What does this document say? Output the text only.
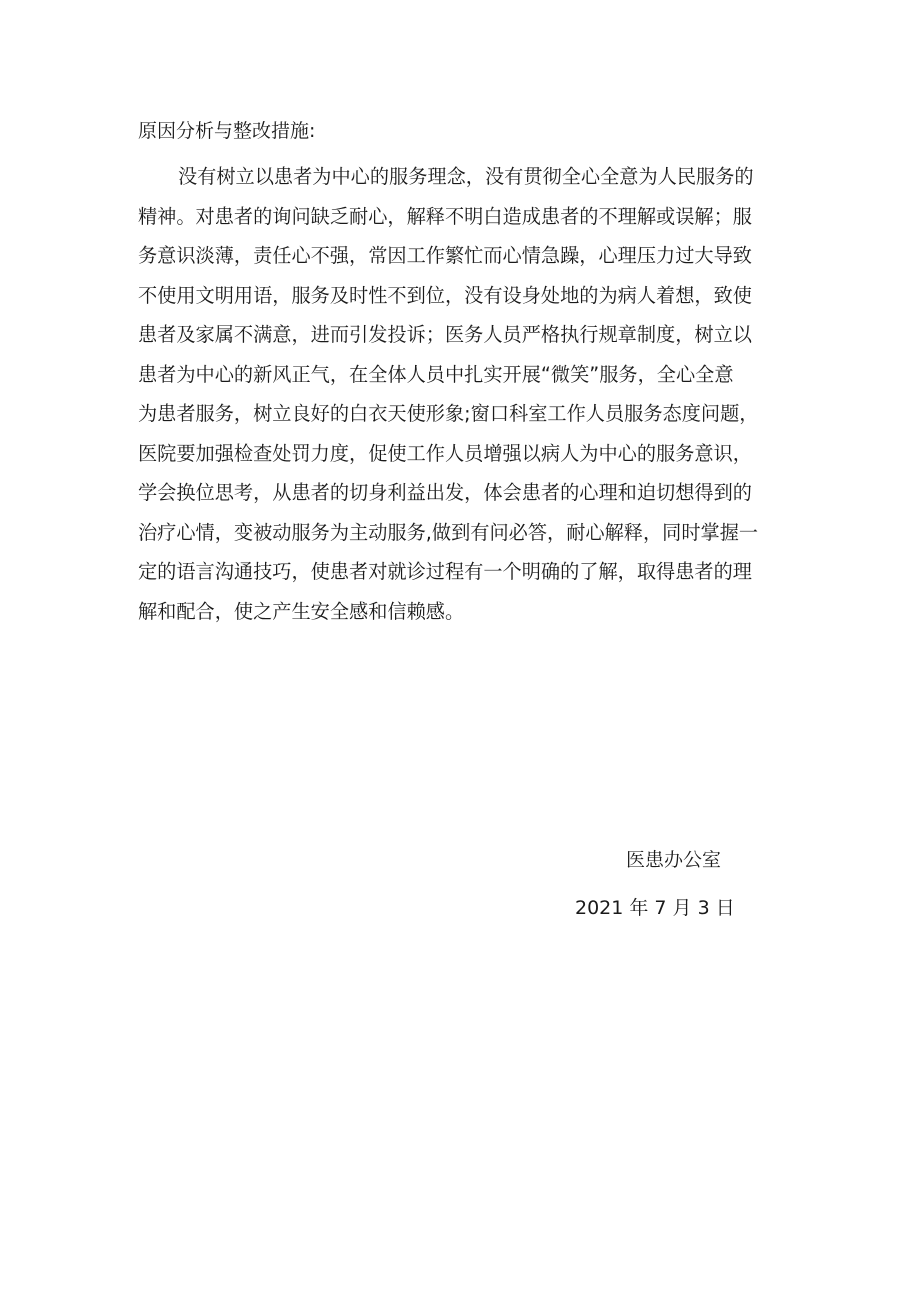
原因分析与整改措施:
没有树立以患者为中心的服务理念，没有贯彻全心全意为人民服务的
精神。对患者的询问缺乏耐心，解释不明白造成患者的不理解或误解；服
务意识淡薄，责任心不强，常因工作繁忙而心情急躁，心理压力过大导致
不使用文明用语，服务及时性不到位，没有设身处地的为病人着想，致使
患者及家属不满意，进而引发投诉；医务人员严格执行规章制度，树立以
患者为中心的新风正气，在全体人员中扎实开展“微笑”服务，全心全意
为患者服务，树立良好的白衣天使形象;窗口科室工作人员服务态度问题，
医院要加强检查处罚力度，促使工作人员增强以病人为中心的服务意识，
学会换位思考，从患者的切身利益出发，体会患者的心理和迫切想得到的
治疗心情，变被动服务为主动服务,做到有问必答，耐心解释，同时掌握一
定的语言沟通技巧，使患者对就诊过程有一个明确的了解，取得患者的理
解和配合，使之产生安全感和信赖感。
医患办公室
2021 年 7 月 3 日
